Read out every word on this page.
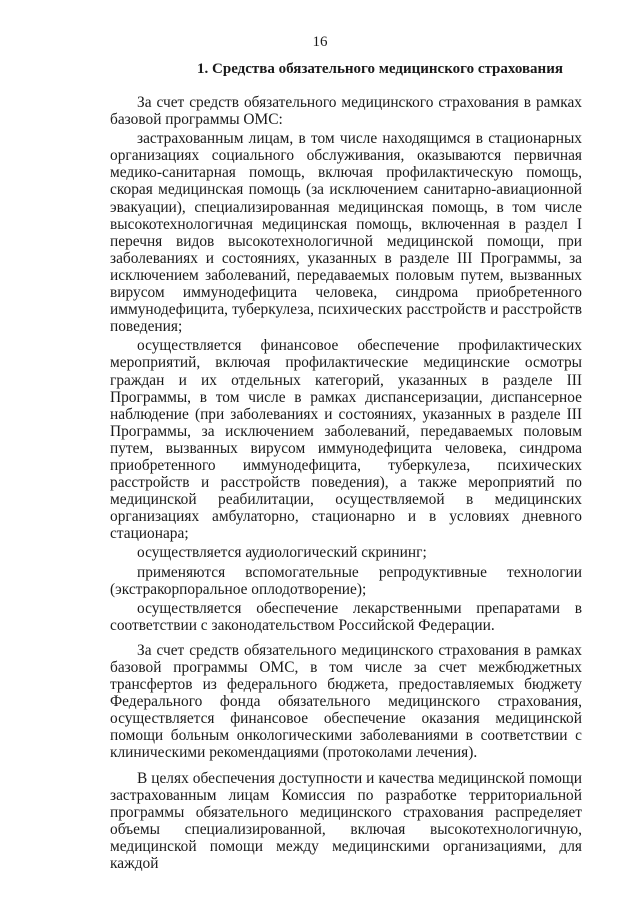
16
1. Средства обязательного медицинского страхования

За счет средств обязательного медицинского страхования в рамках базовой программы ОМС:

застрахованным лицам, в том числе находящимся в стационарных организациях социального обслуживания, оказываются первичная медико-санитарная помощь, включая профилактическую помощь, скорая медицинская помощь (за исключением санитарно-авиационной эвакуации), специализированная медицинская помощь, в том числе высокотехнологичная медицинская помощь, включенная в раздел I перечня видов высокотехнологичной медицинской помощи, при заболеваниях и состояниях, указанных в разделе III Программы, за исключением заболеваний, передаваемых половым путем, вызванных вирусом иммунодефицита человека, синдрома приобретенного иммунодефицита, туберкулеза, психических расстройств и расстройств поведения;

осуществляется финансовое обеспечение профилактических мероприятий, включая профилактические медицинские осмотры граждан и их отдельных категорий, указанных в разделе III Программы, в том числе в рамках диспансеризации, диспансерное наблюдение (при заболеваниях и состояниях, указанных в разделе III Программы, за исключением заболеваний, передаваемых половым путем, вызванных вирусом иммунодефицита человека, синдрома приобретенного иммунодефицита, туберкулеза, психических расстройств и расстройств поведения), а также мероприятий по медицинской реабилитации, осуществляемой в медицинских организациях амбулаторно, стационарно и в условиях дневного стационара;

осуществляется аудиологический скрининг;

применяются вспомогательные репродуктивные технологии (экстракорпоральное оплодотворение);

осуществляется обеспечение лекарственными препаратами в соответствии с законодательством Российской Федерации.

За счет средств обязательного медицинского страхования в рамках базовой программы ОМС, в том числе за счет межбюджетных трансфертов из федерального бюджета, предоставляемых бюджету Федерального фонда обязательного медицинского страхования, осуществляется финансовое обеспечение оказания медицинской помощи больным онкологическими заболеваниями в соответствии с клиническими рекомендациями (протоколами лечения).

В целях обеспечения доступности и качества медицинской помощи застрахованным лицам Комиссия по разработке территориальной программы обязательного медицинского страхования распределяет объемы специализированной, включая высокотехнологичную, медицинской помощи между медицинскими организациями, для каждой
